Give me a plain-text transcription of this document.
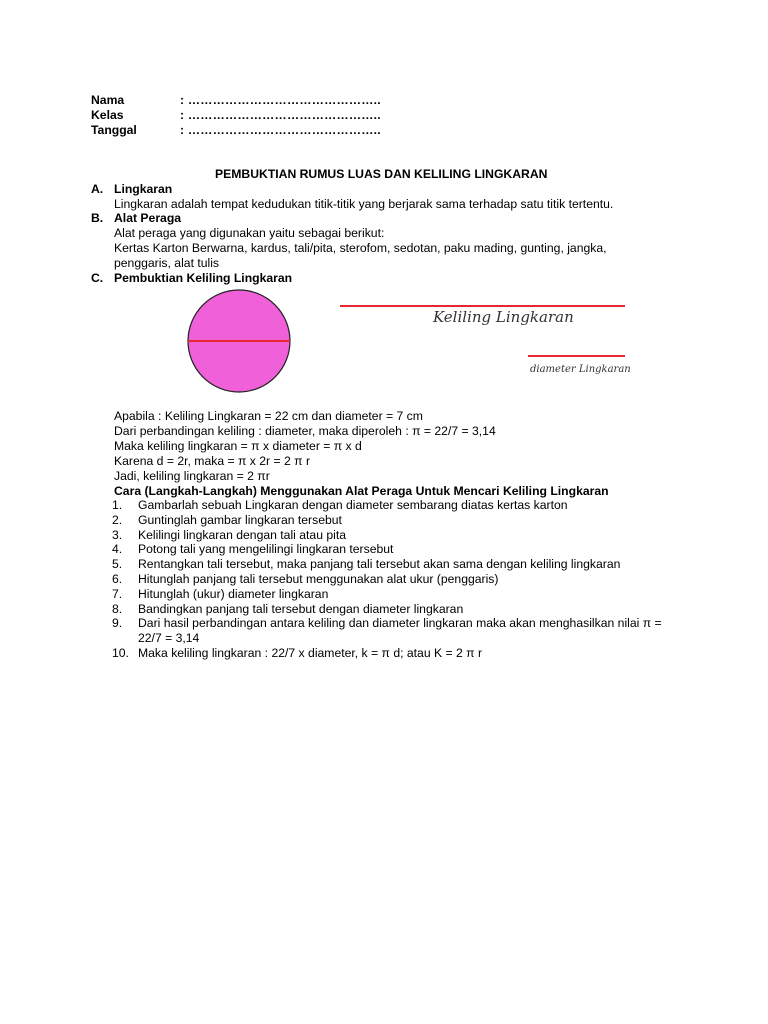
Nama	: ………………………………………..
Kelas	: ………………………………………..
Tanggal	: ………………………………………..
PEMBUKTIAN RUMUS LUAS DAN KELILING LINGKARAN
A. Lingkaran
Lingkaran adalah tempat kedudukan titik-titik yang berjarak sama terhadap satu titik tertentu.
B. Alat Peraga
Alat peraga yang digunakan yaitu sebagai berikut:
Kertas Karton Berwarna, kardus, tali/pita, sterofom, sedotan, paku mading, gunting, jangka, penggaris, alat tulis
C. Pembuktian Keliling Lingkaran
Keliling Lingkaran
diameter Lingkaran
Apabila : Keliling Lingkaran = 22 cm dan diameter = 7 cm
Dari perbandingan keliling : diameter, maka diperoleh : π = 22/7 = 3,14
Maka keliling lingkaran = π x diameter = π x d
Karena d = 2r, maka = π x 2r = 2 π r
Jadi, keliling lingkaran = 2 πr
Cara (Langkah-Langkah) Menggunakan Alat Peraga Untuk Mencari Keliling Lingkaran
1. Gambarlah sebuah Lingkaran dengan diameter sembarang diatas kertas karton
2. Guntinglah gambar lingkaran tersebut
3. Kelilingi lingkaran dengan tali atau pita
4. Potong tali yang mengelilingi lingkaran tersebut
5. Rentangkan tali tersebut, maka panjang tali tersebut akan sama dengan keliling lingkaran
6. Hitunglah panjang tali tersebut menggunakan alat ukur (penggaris)
7. Hitunglah (ukur) diameter lingkaran
8. Bandingkan panjang tali tersebut dengan diameter lingkaran
9. Dari hasil perbandingan antara keliling dan diameter lingkaran maka akan menghasilkan nilai π = 22/7 = 3,14
10. Maka keliling lingkaran : 22/7 x diameter, k = π d; atau K = 2 π r
